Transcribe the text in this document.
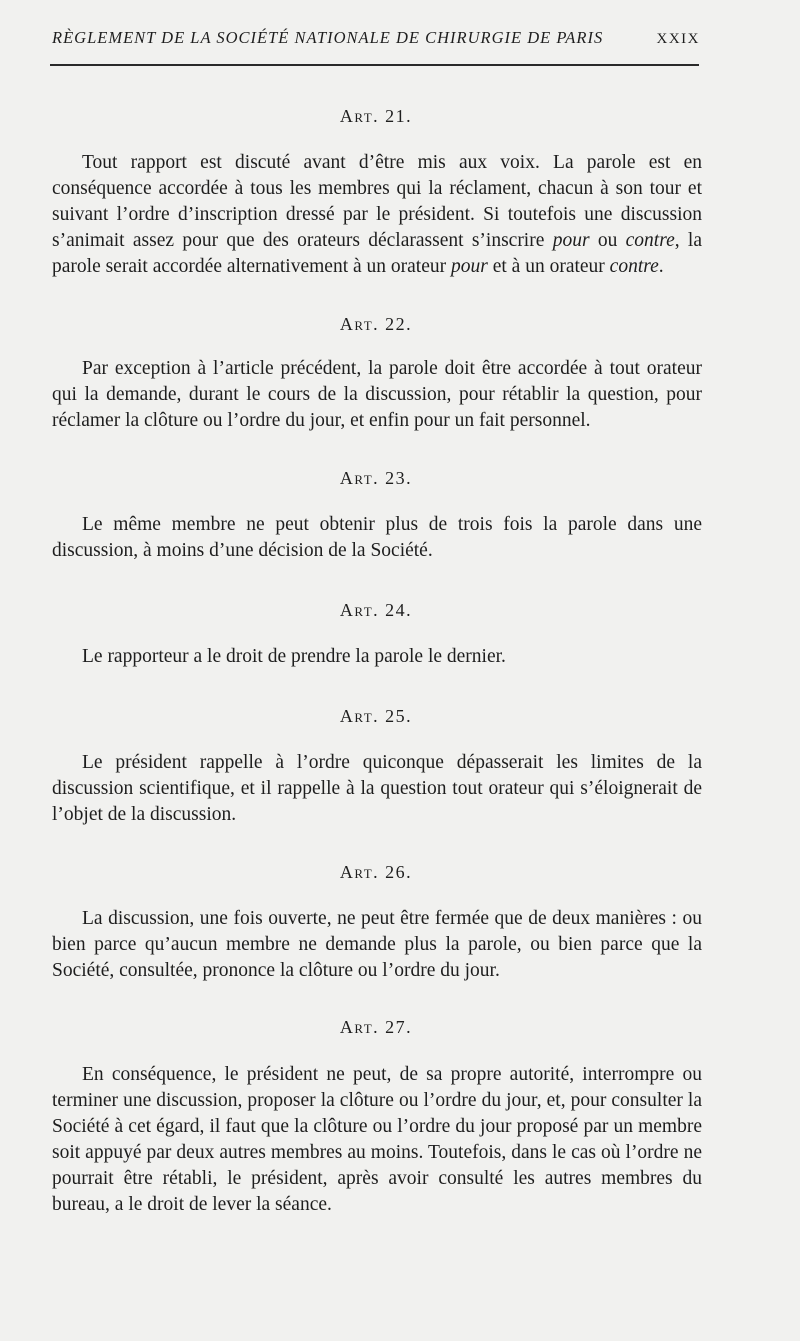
RÈGLEMENT DE LA SOCIÉTÉ NATIONALE DE CHIRURGIE DE PARIS	XXIX
Art. 21.
Tout rapport est discuté avant d’être mis aux voix. La parole est en conséquence accordée à tous les membres qui la réclament, chacun à son tour et suivant l’ordre d’inscription dressé par le président. Si toutefois une discussion s’animait assez pour que des orateurs déclarassent s’inscrire pour ou contre, la parole serait accordée alternativement à un orateur pour et à un orateur contre.
Art. 22.
Par exception à l’article précédent, la parole doit être accordée à tout orateur qui la demande, durant le cours de la discussion, pour rétablir la question, pour réclamer la clôture ou l’ordre du jour, et enfin pour un fait personnel.
Art. 23.
Le même membre ne peut obtenir plus de trois fois la parole dans une discussion, à moins d’une décision de la Société.
Art. 24.
Le rapporteur a le droit de prendre la parole le dernier.
Art. 25.
Le président rappelle à l’ordre quiconque dépasserait les limites de la discussion scientifique, et il rappelle à la question tout orateur qui s’éloignerait de l’objet de la discussion.
Art. 26.
La discussion, une fois ouverte, ne peut être fermée que de deux manières : ou bien parce qu’aucun membre ne demande plus la parole, ou bien parce que la Société, consultée, prononce la clôture ou l’ordre du jour.
Art. 27.
En conséquence, le président ne peut, de sa propre autorité, interrompre ou terminer une discussion, proposer la clôture ou l’ordre du jour, et, pour consulter la Société à cet égard, il faut que la clôture ou l’ordre du jour proposé par un membre soit appuyé par deux autres membres au moins. Toutefois, dans le cas où l’ordre ne pourrait être rétabli, le président, après avoir consulté les autres membres du bureau, a le droit de lever la séance.
